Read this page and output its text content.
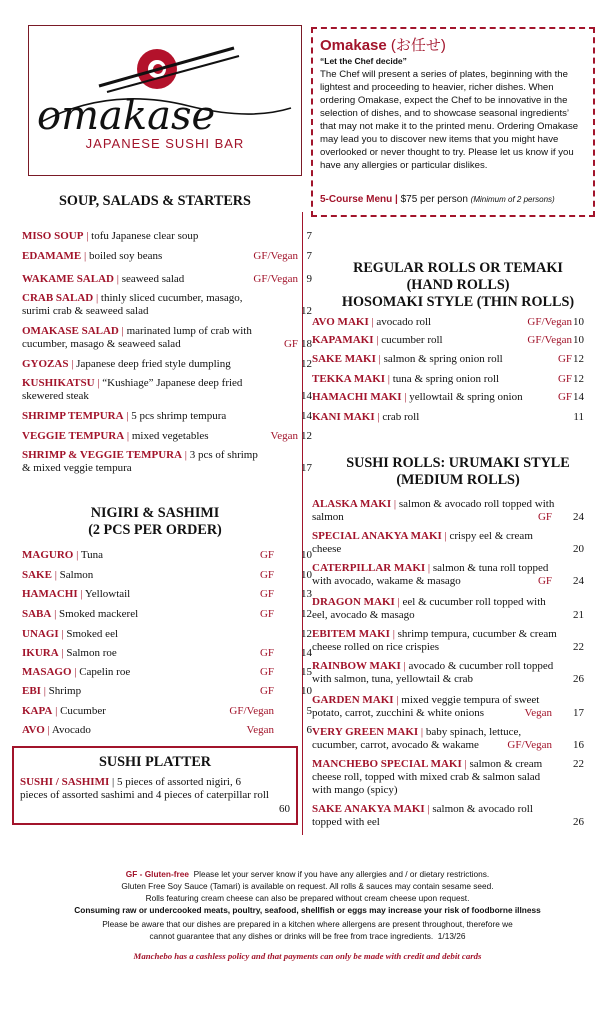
omakase
JAPANESE SUSHI BAR
Omakase (お任せ)
“Let the Chef decide”
The Chef will present a series of plates, beginning with the lightest and proceeding to heavier, richer dishes. When ordering Omakase, expect the Chef to be innovative in the selection of dishes, and to showcase seasonal ingredients’ that may not make it to the printed menu. Ordering Omakase may lead you to discover new items that you might have overlooked or never thought to try. Please let us know if you have any allergies or particular dislikes.
5-Course Menu | $75 per person (Minimum of 2 persons)
SOUP, SALADS & STARTERS
MISO SOUP | tofu Japanese clear soup	7
EDAMAME | boiled soy beans	GF/Vegan 7
WAKAME SALAD | seaweed salad	GF/Vegan 9
CRAB SALAD | thinly sliced cucumber, masago, surimi crab & seaweed salad	12
OMAKASE SALAD | marinated lump of crab with cucumber, masago & seaweed salad	GF 18
GYOZAS | Japanese deep fried style dumpling	12
KUSHIKATSU | “Kushiage” Japanese deep fried skewered steak	14
SHRIMP TEMPURA | 5 pcs shrimp tempura	14
VEGGIE TEMPURA | mixed vegetables	Vegan 12
SHRIMP & VEGGIE TEMPURA | 3 pcs of shrimp & mixed veggie tempura	17
NIGIRI & SASHIMI
(2 PCS PER ORDER)
MAGURO | Tuna	GF	10
SAKE | Salmon	GF	10
HAMACHI | Yellowtail	GF	13
SABA | Smoked mackerel	GF	12
UNAGI | Smoked eel	12
IKURA | Salmon roe	GF	14
MASAGO | Capelin roe	GF	15
EBI | Shrimp	GF	10
KAPA | Cucumber	GF/Vegan	5
AVO | Avocado	Vegan	6
SUSHI PLATTER
SUSHI / SASHIMI | 5 pieces of assorted nigiri, 6 pieces of assorted sashimi and 4 pieces of caterpillar roll
60
REGULAR ROLLS OR TEMAKI
(HAND ROLLS)
HOSOMAKI STYLE (THIN ROLLS)
AVO MAKI | avocado roll	GF/Vegan 10
KAPAMAKI | cucumber roll	GF/Vegan 10
SAKE MAKI | salmon & spring onion roll	GF 12
TEKKA MAKI | tuna & spring onion roll	GF 12
HAMACHI MAKI | yellowtail & spring onion	GF 14
KANI MAKI | crab roll	11
SUSHI ROLLS: URUMAKI STYLE
(MEDIUM ROLLS)
ALASKA MAKI | salmon & avocado roll topped with salmon	GF	24
SPECIAL ANAKYA MAKI | crispy eel & cream cheese	20
CATERPILLAR MAKI | salmon & tuna roll topped with avocado, wakame & masago	GF	24
DRAGON MAKI | eel & cucumber roll topped with eel, avocado & masago	21
EBITEM MAKI | shrimp tempura, cucumber & cream cheese rolled on rice crispies	22
RAINBOW MAKI | avocado & cucumber roll topped with salmon, tuna, yellowtail & crab	26
GARDEN MAKI | mixed veggie tempura of sweet potato, carrot, zucchini & white onions	Vegan	17
VERY GREEN MAKI | baby spinach, lettuce, cucumber, carrot, avocado & wakame	GF/Vegan	16
MANCHEBO SPECIAL MAKI | salmon & cream cheese roll, topped with mixed crab & salmon salad with mango (spicy)
22
SAKE ANAKYA MAKI | salmon & avocado roll topped with eel	26
GF - Gluten-free Please let your server know if you have any allergies and / or dietary restrictions.
Gluten Free Soy Sauce (Tamari) is available on request. All rolls & sauces may contain sesame seed.
Rolls featuring cream cheese can also be prepared without cream cheese upon request.
Consuming raw or undercooked meats, poultry, seafood, shellfish or eggs may increase your risk of foodborne illness
Please be aware that our dishes are prepared in a kitchen where allergens are present throughout, therefore we
cannot guarantee that any dishes or drinks will be free from trace ingredients. 1/13/26
Manchebo has a cashless policy and that payments can only be made with credit and debit cards
